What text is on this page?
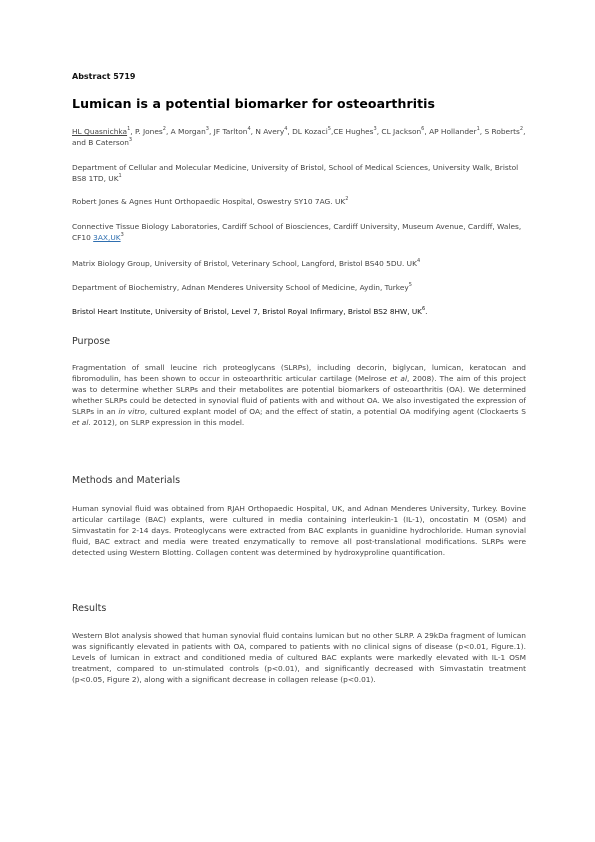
Abstract 5719
Lumican is a potential biomarker for osteoarthritis
HL Quasnichka$^1$, P. Jones$^2$, A Morgan$^3$, JF Tarlton$^4$, N Avery$^4$, DL Kozaci$^5$,CE Hughes$^3$, CL Jackson$^6$, AP Hollander$^1$, S Roberts$^2$, and B Caterson$^3$
Department of Cellular and Molecular Medicine, University of Bristol, School of Medical Sciences, University Walk, Bristol BS8 1TD, $UK^1$
Robert Jones & Agnes Hunt Orthopaedic Hospital, Oswestry SY10 7AG. $UK^2$
Connective Tissue Biology Laboratories, Cardiff School of Biosciences, Cardiff University, Museum Avenue, Cardiff, Wales, CF10 $3AX,UK^3$
Matrix Biology Group, University of Bristol, Veterinary School, Langford, Bristol BS40 5DU. $UK^4$
Department of Biochemistry, Adnan Menderes University School of Medicine, Aydin, Turkey$^5$
Bristol Heart Institute, University of Bristol, Level 7, Bristol Royal Infirmary, Bristol BS2 8HW, $UK^6$.
Purpose
Fragmentation of small leucine rich proteoglycans (SLRPs), including decorin, biglycan, lumican, keratocan and fibromodulin, has been shown to occur in osteoarthritic articular cartilage (Melrose et al, 2008). The aim of this project was to determine whether SLRPs and their metabolites are potential biomarkers of osteoarthritis (OA). We determined whether SLRPs could be detected in synovial fluid of patients with and without OA. We also investigated the expression of SLRPs in an in vitro, cultured explant model of OA; and the effect of statin, a potential OA modifying agent (Clockaerts S et al. 2012), on SLRP expression in this model.
Methods and Materials
Human synovial fluid was obtained from RJAH Orthopaedic Hospital, UK, and Adnan Menderes University, Turkey. Bovine articular cartilage (BAC) explants, were cultured in media containing interleukin-1 (IL-1), oncostatin M (OSM) and Simvastatin for 2-14 days. Proteoglycans were extracted from BAC explants in guanidine hydrochloride. Human synovial fluid, BAC extract and media were treated enzymatically to remove all post-translational modifications. SLRPs were detected using Western Blotting. Collagen content was determined by hydroxyproline quantification.
Results
Western Blot analysis showed that human synovial fluid contains lumican but no other SLRP. A 29kDa fragment of lumican was significantly elevated in patients with OA, compared to patients with no clinical signs of disease (p<0.01, Figure.1). Levels of lumican in extract and conditioned media of cultured BAC explants were markedly elevated with IL-1 OSM treatment, compared to un-stimulated controls (p<0.01), and significantly decreased with Simvastatin treatment (p<0.05, Figure 2), along with a significant decrease in collagen release (p<0.01).
